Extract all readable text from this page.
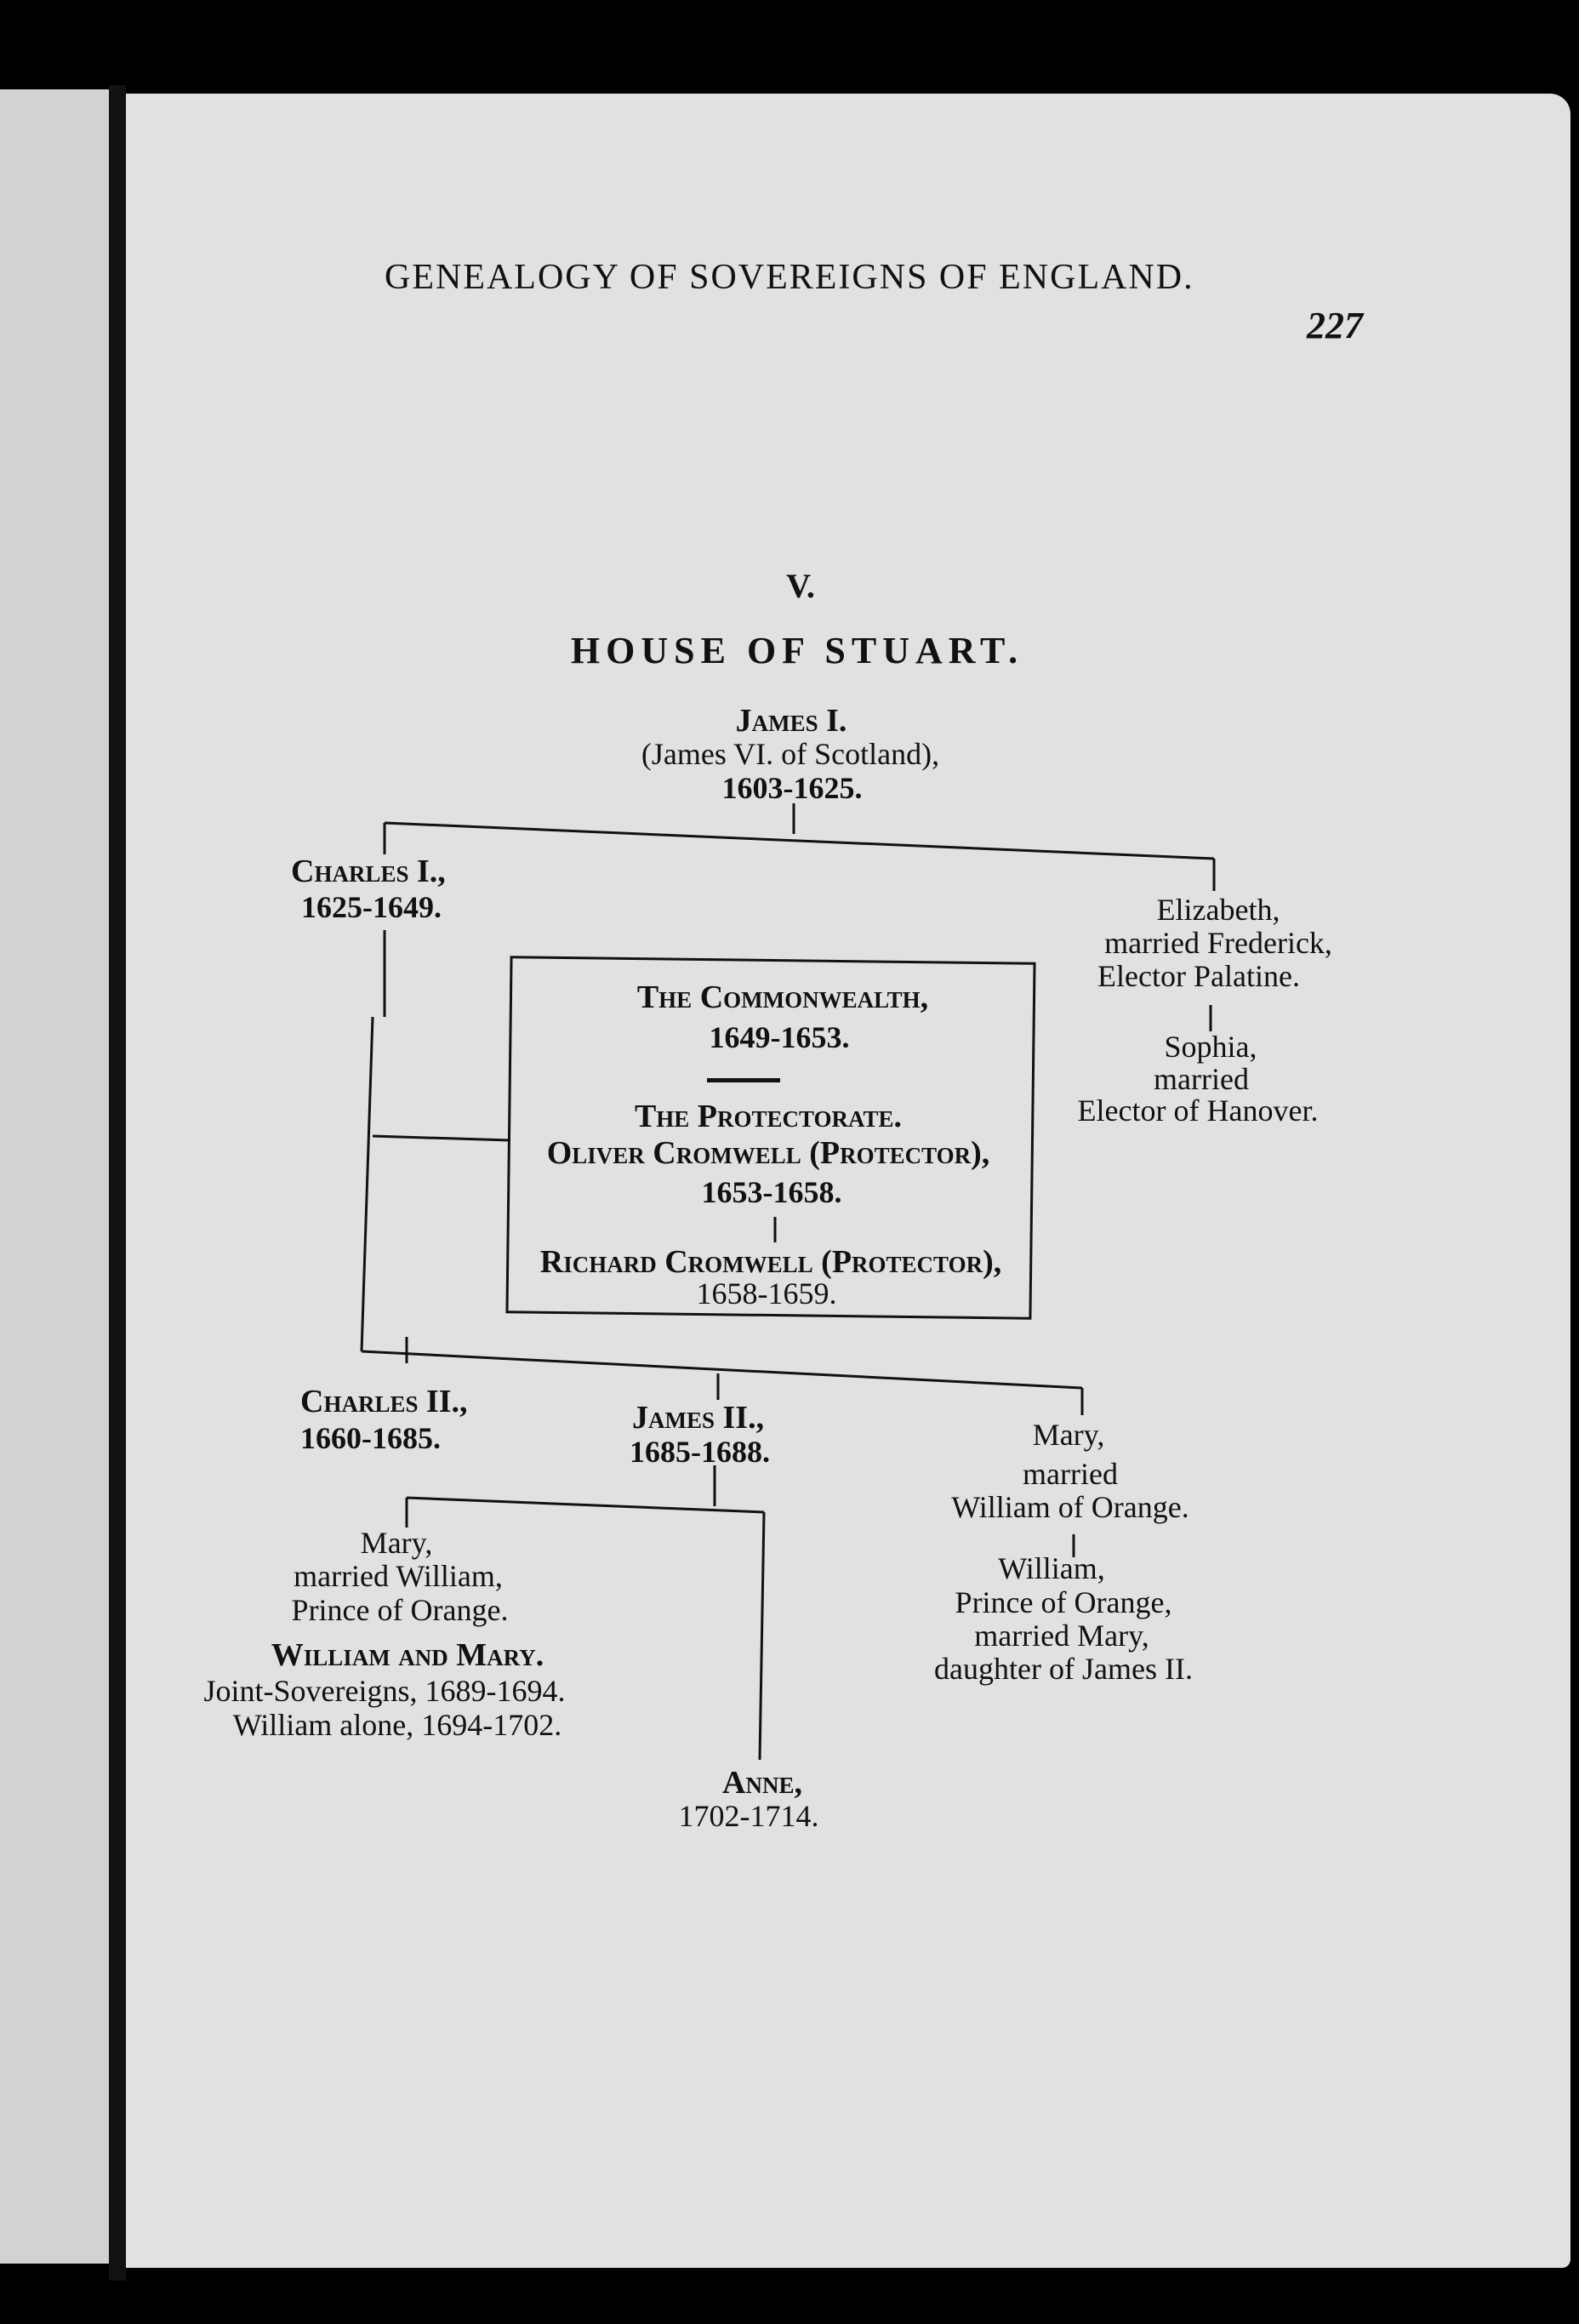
GENEALOGY OF SOVEREIGNS OF ENGLAND.
227
V.
HOUSE OF STUART.
James I.
(James VI. of Scotland),
1603-1625.
Charles I.,
1625-1649.	Elizabeth,
married Frederick,
Elector Palatine.
Sophia,
married
Elector of Hanover.
The Commonwealth,
1649-1653.
The Protectorate.
Oliver Cromwell (Protector),
1653-1658.
Richard Cromwell (Protector),
1658-1659.
Charles II.,
1660-1685.
James II.,
1685-1688.	Mary,
married
William of Orange.
Mary,
married William,
Prince of Orange.
William and Mary.
Joint-Sovereigns, 1689-1694.
William alone, 1694-1702.
William,
Prince of Orange,
married Mary,
daughter of James II.
Anne,
1702-1714.
